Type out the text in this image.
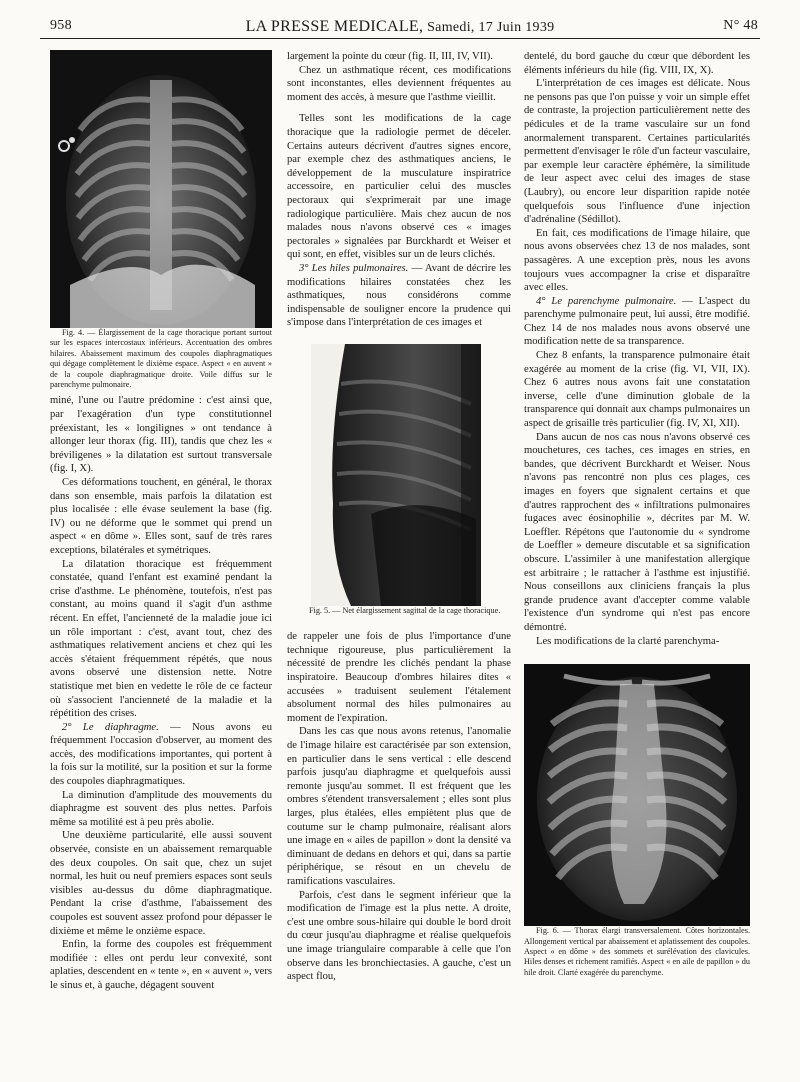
958	LA PRESSE MEDICALE, Samedi, 17 Juin 1939	N° 48

Fig. 4. — Élargissement de la cage thoracique portant surtout sur les espaces intercostaux inférieurs. Accentuation des ombres hilaires. Abaissement maximum des coupoles diaphragmatiques qui dégage complètement le dixième espace. Aspect « en auvent » de la coupole diaphragmatique droite. Voile diffus sur le parenchyme pulmonaire.

miné, l'une ou l'autre prédomine : c'est ainsi que, par l'exagération d'un type constitutionnel préexistant, les « longilignes » ont tendance à allonger leur thorax (fig. III), tandis que chez les « bréviligenes » la dilatation est surtout transversale (fig. I, X).

Ces déformations touchent, en général, le thorax dans son ensemble, mais parfois la dilatation est plus localisée : elle évase seulement la base (fig. IV) ou ne déforme que le sommet qui prend un aspect « en dôme ». Elles sont, sauf de très rares exceptions, bilatérales et symétriques.

La dilatation thoracique est fréquemment constatée, quand l'enfant est examiné pendant la crise d'asthme. Le phénomène, toutefois, n'est pas constant, au moins quand il s'agit d'un asthme récent. En effet, l'ancienneté de la maladie joue ici un rôle important : c'est, avant tout, chez des asthmatiques relativement anciens et chez qui les accès s'étaient fréquemment répétés, que nous avons observé une distension nette. Notre statistique met bien en vedette le rôle de ce facteur où s'associent l'ancienneté de la maladie et la répétition des crises.

2° Le diaphragme. — Nous avons eu fréquemment l'occasion d'observer, au moment des accès, des modifications importantes, qui portent à la fois sur la motilité, sur la position et sur la forme des coupoles diaphragmatiques.

La diminution d'amplitude des mouvements du diaphragme est souvent des plus nettes. Parfois même sa motilité est à peu près abolie.

Une deuxième particularité, elle aussi souvent observée, consiste en un abaissement remarquable des deux coupoles. On sait que, chez un sujet normal, les huit ou neuf premiers espaces sont seuls visibles au-dessus du dôme diaphragmatique. Pendant la crise d'asthme, l'abaissement des coupoles est souvent assez profond pour dépasser le dixième et même le onzième espace.

Enfin, la forme des coupoles est fréquemment modifiée : elles ont perdu leur convexité, sont aplaties, descendent en « tente », en « auvent », vers le sinus et, à gauche, dégagent souvent

largement la pointe du cœur (fig. II, III, IV, VII).

Chez un asthmatique récent, ces modifications sont inconstantes, elles deviennent fréquentes au moment des accès, à mesure que l'asthme vieillit.

Telles sont les modifications de la cage thoracique que la radiologie permet de déceler. Certains auteurs décrivent d'autres signes encore, par exemple chez des asthmatiques anciens, le développement de la musculature inspiratrice accessoire, en particulier celui des muscles pectoraux qui s'exprimerait par une image radiologique particulière. Mais chez aucun de nos malades nous n'avons observé ces « images pectorales » signalées par Burckhardt et Weiser et qui sont, en effet, visibles sur un de leurs clichés.

3° Les hiles pulmonaires. — Avant de décrire les modifications hilaires constatées chez les asthmatiques, nous considérons comme indispensable de souligner encore la prudence qui s'impose dans l'interprétation de ces images et

Fig. 5. — Net élargissement sagittal de la cage thoracique.

de rappeler une fois de plus l'importance d'une technique rigoureuse, plus particulièrement la nécessité de prendre les clichés pendant la phase inspiratoire. Beaucoup d'ombres hilaires dites « accusées » traduisent seulement l'étalement absolument normal des hiles pulmonaires au moment de l'expiration.

Dans les cas que nous avons retenus, l'anomalie de l'image hilaire est caractérisée par son extension, en particulier dans le sens vertical : elle descend parfois jusqu'au diaphragme et quelquefois aussi remonte jusqu'au sommet. Il est fréquent que les ombres s'étendent transversalement ; elles sont plus larges, plus étalées, elles empiètent plus que de coutume sur le champ pulmonaire, réalisant alors une image en « ailes de papillon » dont la densité va diminuant de dedans en dehors et qui, dans sa partie périphérique, se résout en un chevelu de ramifications vasculaires.

Parfois, c'est dans le segment inférieur que la modification de l'image est la plus nette. A droite, c'est une ombre sous-hilaire qui double le bord droit du cœur jusqu'au diaphragme et réalise quelquefois une image triangulaire comparable à celle que l'on observe dans les bronchiectasies. A gauche, c'est un aspect flou,

dentelé, du bord gauche du cœur que débordent les éléments inférieurs du hile (fig. VIII, IX, X).

L'interprétation de ces images est délicate. Nous ne pensons pas que l'on puisse y voir un simple effet de contraste, la projection particulièrement nette des pédicules et de la trame vasculaire sur un fond anormalement transparent. Certaines particularités permettent d'envisager le rôle d'un facteur vasculaire, par exemple leur caractère éphémère, la similitude de leur aspect avec celui des images de stase (Laubry), ou encore leur disparition rapide notée quelquefois sous l'influence d'une injection d'adrénaline (Sédillot).

En fait, ces modifications de l'image hilaire, que nous avons observées chez 13 de nos malades, sont passagères. A une exception près, nous les avons toujours vues accompagner la crise et disparaître avec elles.

4° Le parenchyme pulmonaire. — L'aspect du parenchyme pulmonaire peut, lui aussi, être modifié. Chez 14 de nos malades nous avons observé une modification nette de sa transparence.

Chez 8 enfants, la transparence pulmonaire était exagérée au moment de la crise (fig. VI, VII, IX). Chez 6 autres nous avons fait une constatation inverse, celle d'une diminution globale de la transparence qui donnait aux champs pulmonaires un aspect de grisaille très particulier (fig. IV, XI, XII).

Dans aucun de nos cas nous n'avons observé ces mouchetures, ces taches, ces images en stries, en bandes, que décrivent Burckhardt et Weiser. Nous n'avons pas rencontré non plus ces plages, ces images en foyers que signalent certains et que d'autres rapprochent des « infiltrations pulmonaires fugaces avec éosinophilie », décrites par M. W. Loeffler. Répétons que l'autonomie du « syndrome de Loeffler » demeure discutable et sa signification obscure. L'assimiler à une manifestation allergique est arbitraire ; le rattacher à l'asthme est injustifié. Nous conseillons aux cliniciens français la plus grande prudence avant d'accepter comme valable l'existence d'un syndrome qui n'est pas encore démontré.

Les modifications de la clarté parenchyma-

Fig. 6. — Thorax élargi transversalement. Côtes horizontales. Allongement vertical par abaissement et aplatissement des coupoles. Aspect « en dôme » des sommets et surélévation des clavicules. Hiles denses et richement ramifiés. Aspect « en aile de papillon » du hile droit. Clarté exagérée du parenchyme.
